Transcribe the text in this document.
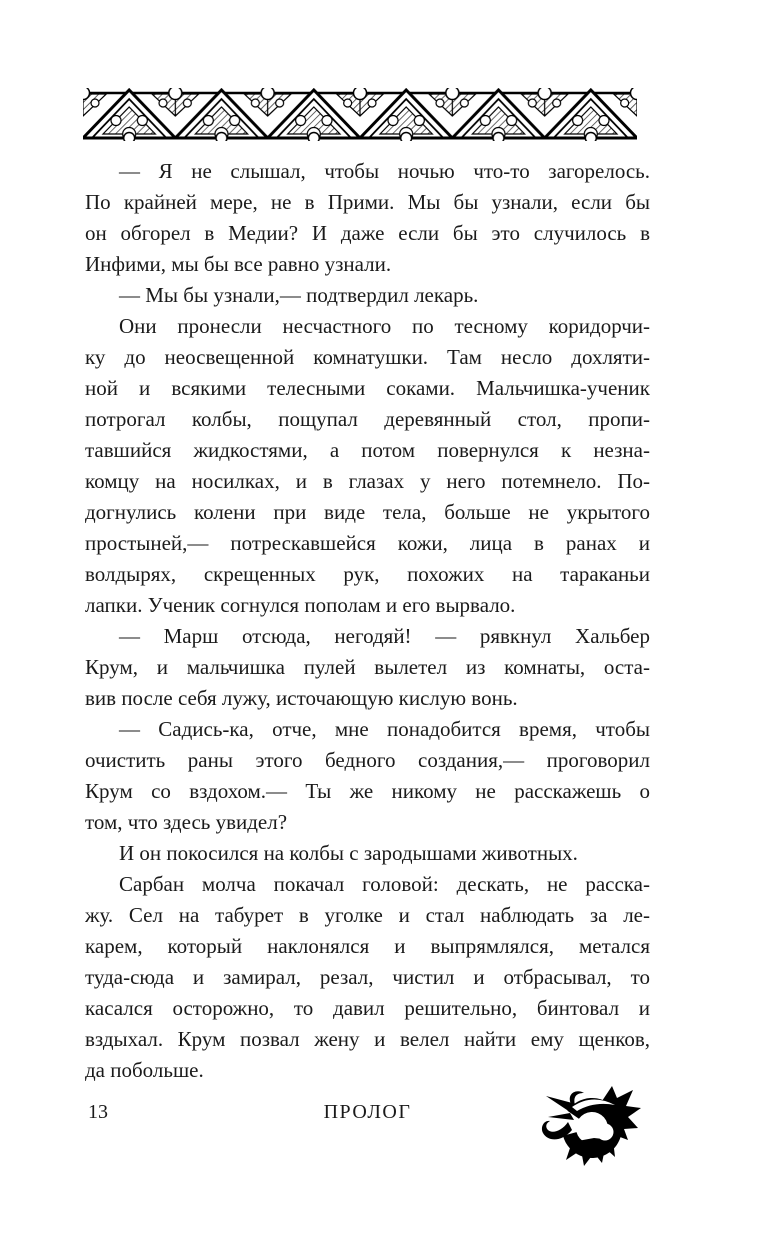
— Я не слышал, чтобы ночью что-то загорелось.
По крайней мере, не в Прими. Мы бы узнали, если бы
он обгорел в Медии? И даже если бы это случилось в
Инфими, мы бы все равно узнали.
— Мы бы узнали,— подтвердил лекарь.
Они пронесли несчастного по тесному коридорчи-
ку до неосвещенной комнатушки. Там несло дохляти-
ной и всякими телесными соками. Мальчишка-ученик
потрогал колбы, пощупал деревянный стол, пропи-
тавшийся жидкостями, а потом повернулся к незна-
комцу на носилках, и в глазах у него потемнело. По-
догнулись колени при виде тела, больше не укрытого
простыней,— потрескавшейся кожи, лица в ранах и
волдырях, скрещенных рук, похожих на тараканьи
лапки. Ученик согнулся пополам и его вырвало.
— Марш отсюда, негодяй! — рявкнул Хальбер
Крум, и мальчишка пулей вылетел из комнаты, оста-
вив после себя лужу, источающую кислую вонь.
— Садись-ка, отче, мне понадобится время, чтобы
очистить раны этого бедного создания,— проговорил
Крум со вздохом.— Ты же никому не расскажешь о
том, что здесь увидел?
И он покосился на колбы с зародышами животных.
Сарбан молча покачал головой: дескать, не расска-
жу. Сел на табурет в уголке и стал наблюдать за ле-
карем, который наклонялся и выпрямлялся, метался
туда-сюда и замирал, резал, чистил и отбрасывал, то
касался осторожно, то давил решительно, бинтовал и
вздыхал. Крум позвал жену и велел найти ему щенков,
да побольше.
13	ПРОЛОГ
